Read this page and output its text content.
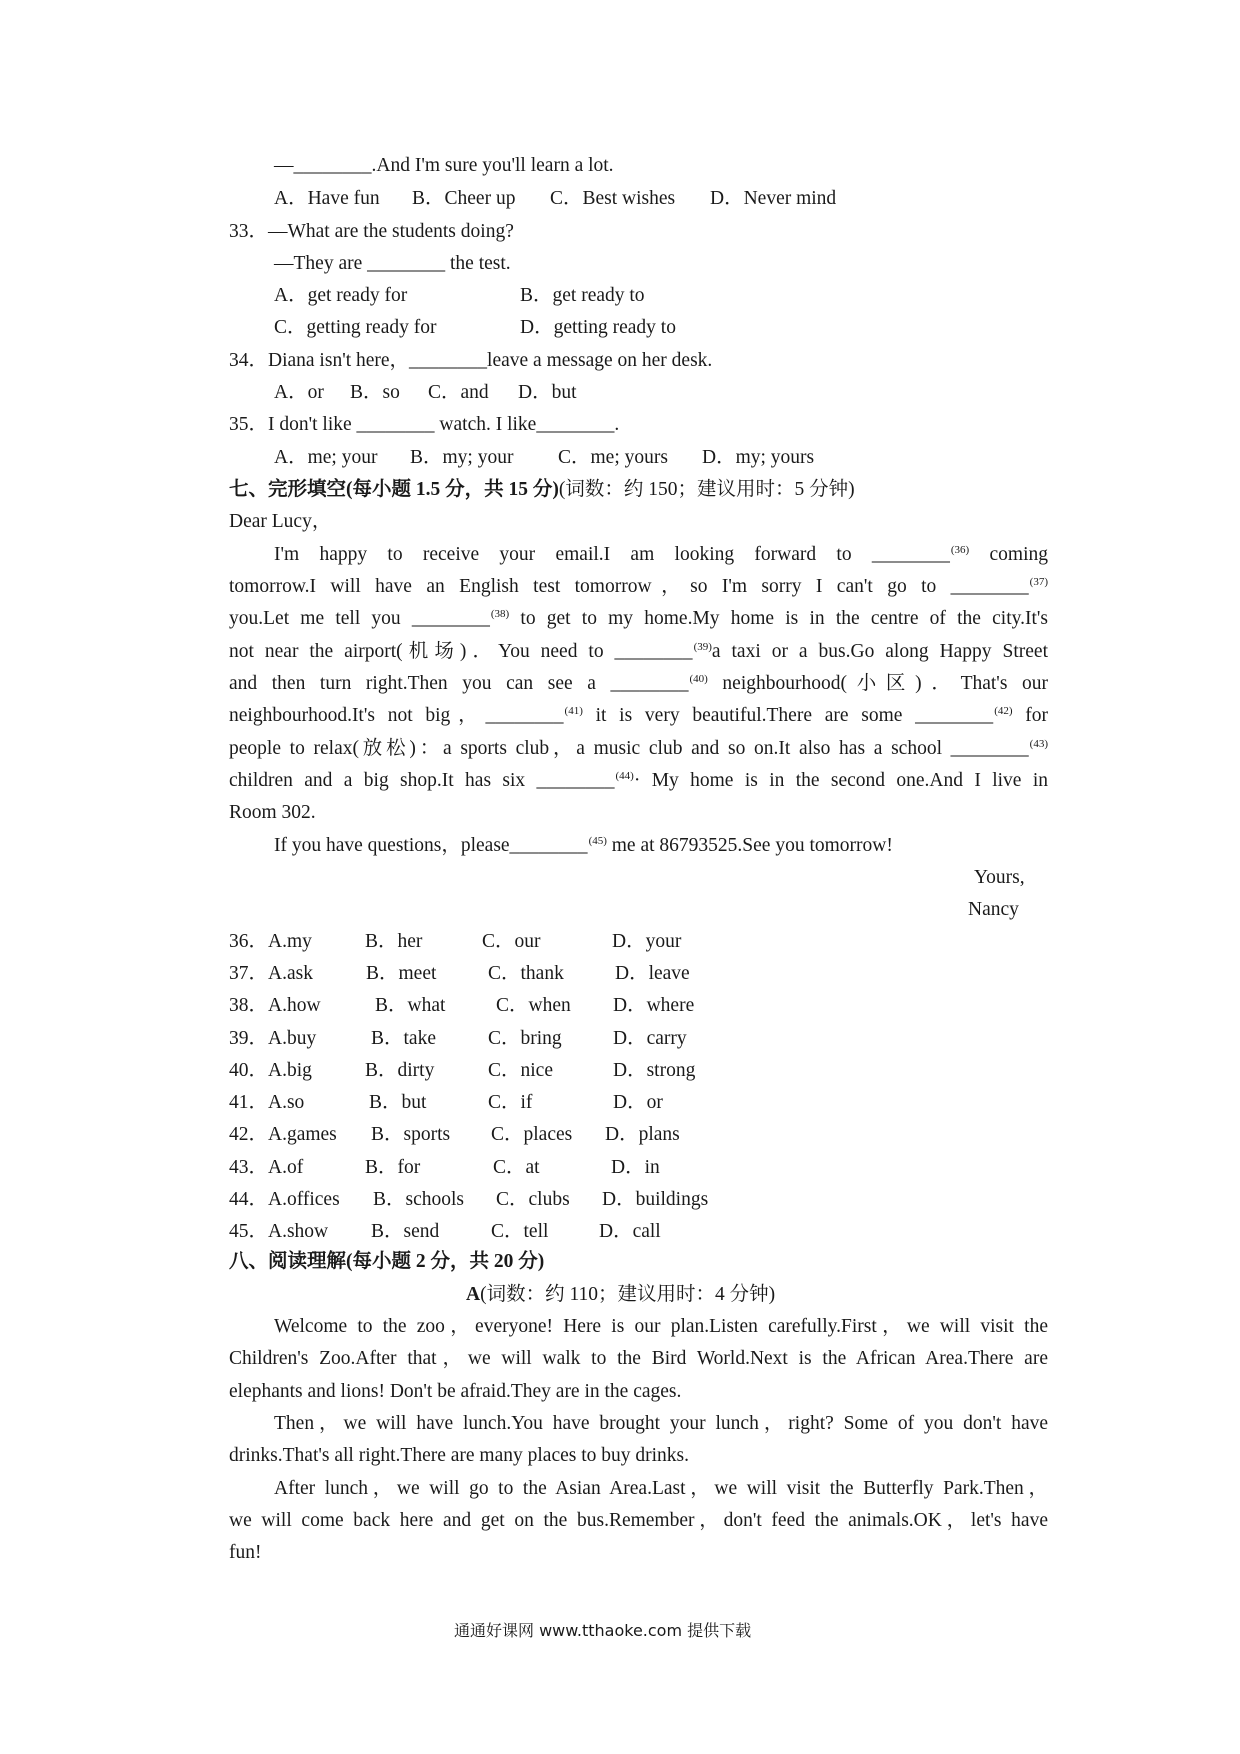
—________.And I'm sure you'll learn a lot.
A．Have fun B．Cheer up C．Best wishes D．Never mind
33．—What are the students doing?
—They are ________ the test.
A．get ready for	B．get ready to
C．getting ready for	D．getting ready to
34．Diana isn't here，________leave a message on her desk.
A．or B．so C．and D．but
35．I don't like ________ watch. I like________.
A．me; your B．my; your C．me; yours D．my; yours
七、完形填空(每小题 1.5 分，共 15 分)(词数：约 150；建议用时：5 分钟)
Dear Lucy，
I'm happy to receive your email.I am looking forward to ________$^{(36)}$ coming
tomorrow.I will have an English test tomorrow，so I'm sorry I can't go to ________$^{(37)}$
you.Let me tell you ________$^{(38)}$ to get to my home.My home is in the centre of the city.It's
not near the airport(机场)．You need to ________$^{(39)}$a taxi or a bus.Go along Happy Street
and then turn right.Then you can see a ________$^{(40)}$ neighbourhood(小区)．That's our
neighbourhood.It's not big，________$^{(41)}$ it is very beautiful.There are some ________$^{(42)}$ for
people to relax(放松)：a sports club，a music club and so on.It also has a school ________$^{(43)}$
children and a big shop.It has six ________$^{(44)}$· My home is in the second one.And I live in
Room 302.
If you have questions，please________$^{(45)}$ me at 86793525.See you tomorrow!
Yours,
Nancy
36．A.my	B．her	C．our	D．your
37．A.ask	B．meet	C．thank	D．leave
38．A.how	B．what	C．when D．where
39．A.buy	B．take	C．bring	D．carry
40．A.big	B．dirty	C．nice	D．strong
41．A.so	B．but	C．if	D．or
42．A.games B．sports C．places D．plans
43．A.of	B．for	C．at	D．in
44．A.offices B．schools C．clubs D．buildings
45．A.show B．send	C．tell	D．call
八、阅读理解(每小题 2 分，共 20 分)
A(词数：约 110；建议用时：4 分钟)
Welcome to the zoo，everyone! Here is our plan.Listen carefully.First，we will visit the
Children's Zoo.After that，we will walk to the Bird World.Next is the African Area.There are
elephants and lions! Don't be afraid.They are in the cages.
Then，we will have lunch.You have brought your lunch，right? Some of you don't have
drinks.That's all right.There are many places to buy drinks.
After lunch，we will go to the Asian Area.Last，we will visit the Butterfly Park.Then，
we will come back here and get on the bus.Remember，don't feed the animals.OK，let's have
fun!
通通好课网 www.tthaoke.com 提供下载
